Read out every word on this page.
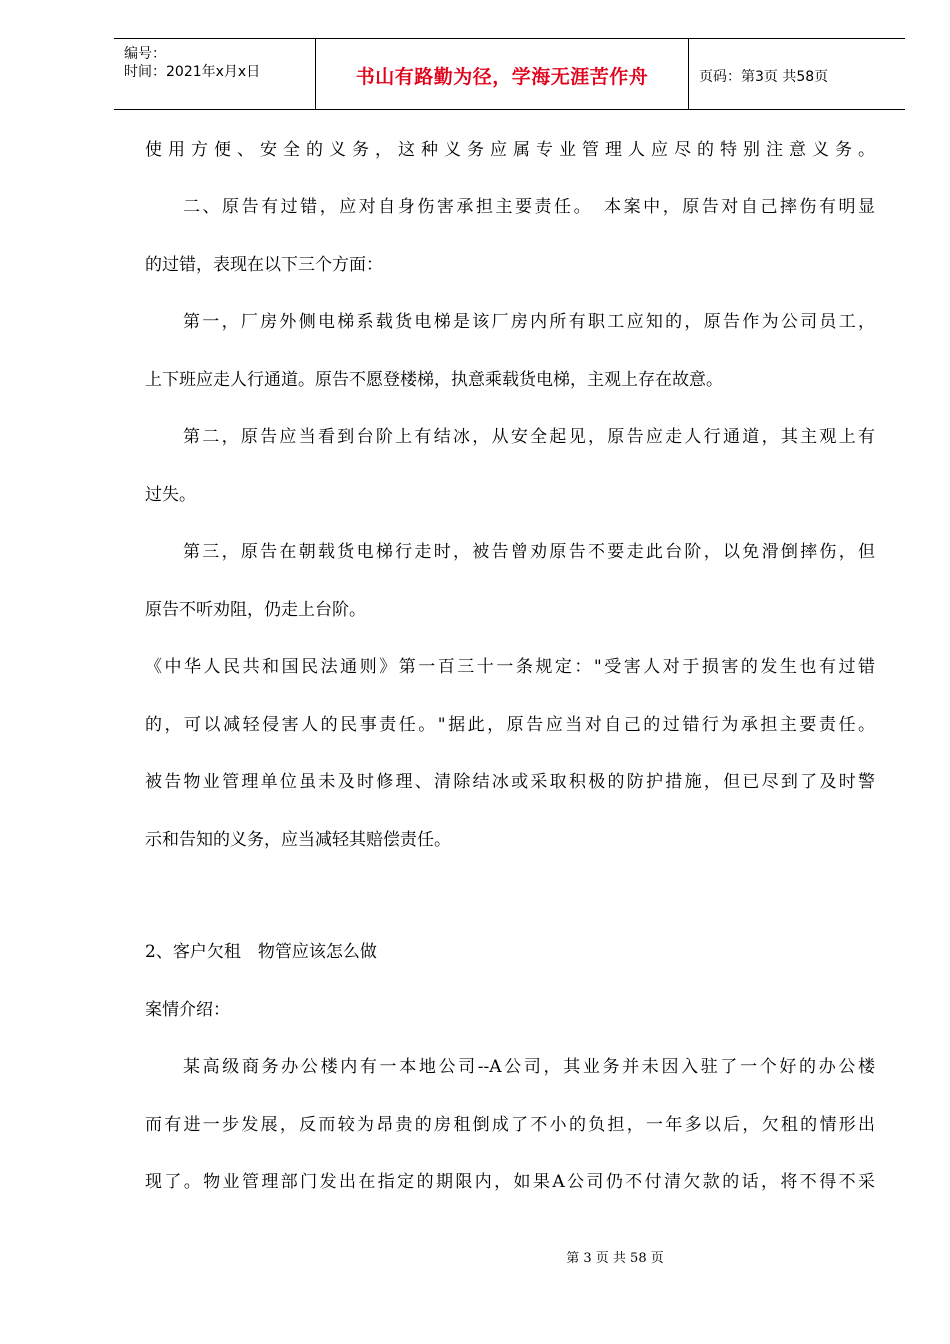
编号：
时间：2021年x月x日	书山有路勤为径，学海无涯苦作舟	页码：第3页 共58页
使用方便、安全的义务，这种义务应属专业管理人应尽的特别注意义务。
二、原告有过错，应对自身伤害承担主要责任。　本案中，原告对自己摔伤有明显
的过错，表现在以下三个方面：
第一，厂房外侧电梯系载货电梯是该厂房内所有职工应知的，原告作为公司员工，
上下班应走人行通道。原告不愿登楼梯，执意乘载货电梯，主观上存在故意。
第二，原告应当看到台阶上有结冰，从安全起见，原告应走人行通道，其主观上有
过失。
第三，原告在朝载货电梯行走时，被告曾劝原告不要走此台阶，以免滑倒摔伤，但
原告不听劝阻，仍走上台阶。
《中华人民共和国民法通则》第一百三十一条规定："受害人对于损害的发生也有过错
的，可以减轻侵害人的民事责任。"据此，原告应当对自己的过错行为承担主要责任。
被告物业管理单位虽未及时修理、清除结冰或采取积极的防护措施，但已尽到了及时警
示和告知的义务，应当减轻其赔偿责任。
2、客户欠租　物管应该怎么做
案情介绍：
某高级商务办公楼内有一本地公司--A公司，其业务并未因入驻了一个好的办公楼
而有进一步发展，反而较为昂贵的房租倒成了不小的负担，一年多以后，欠租的情形出
现了。物业管理部门发出在指定的期限内，如果A公司仍不付清欠款的话，将不得不采
第 3 页 共 58 页
